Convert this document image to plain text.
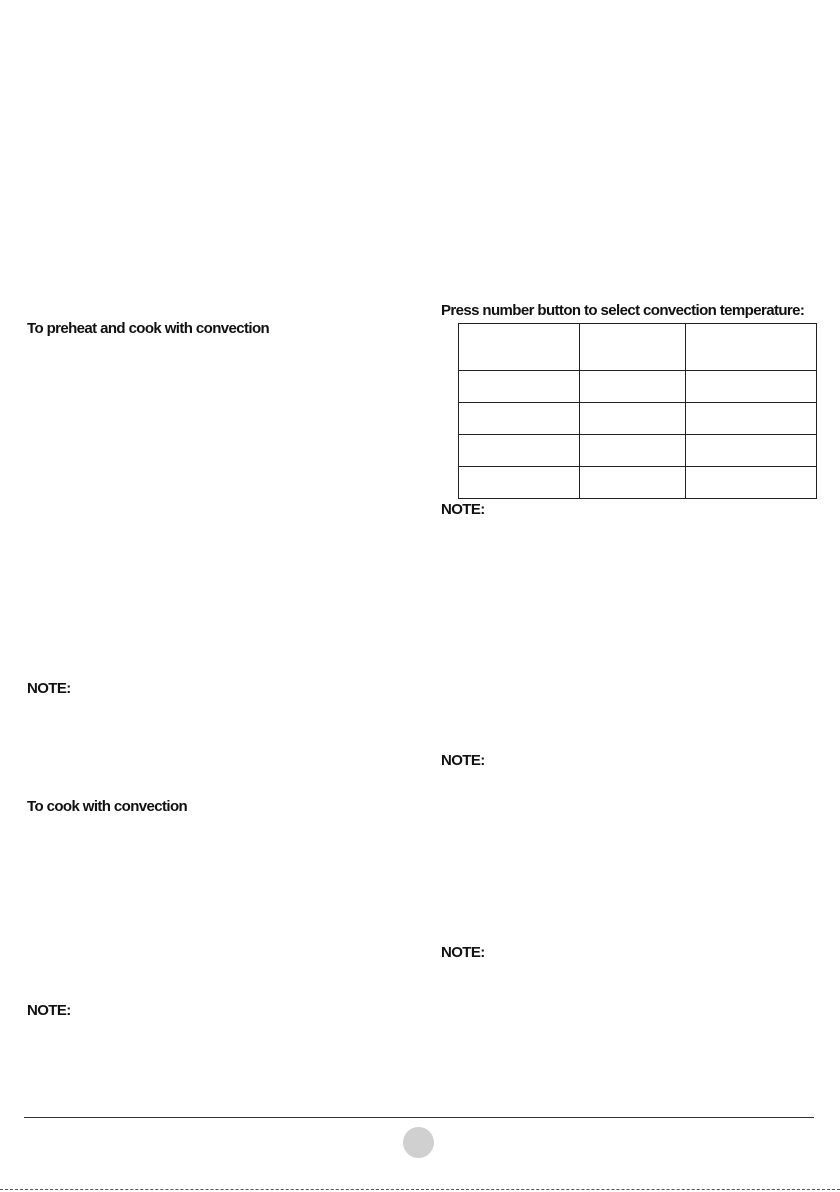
To preheat and cook with convection
NOTE:
To cook with convection
NOTE:
Press number button to select convection temperature:

NOTE:
NOTE:
NOTE:
